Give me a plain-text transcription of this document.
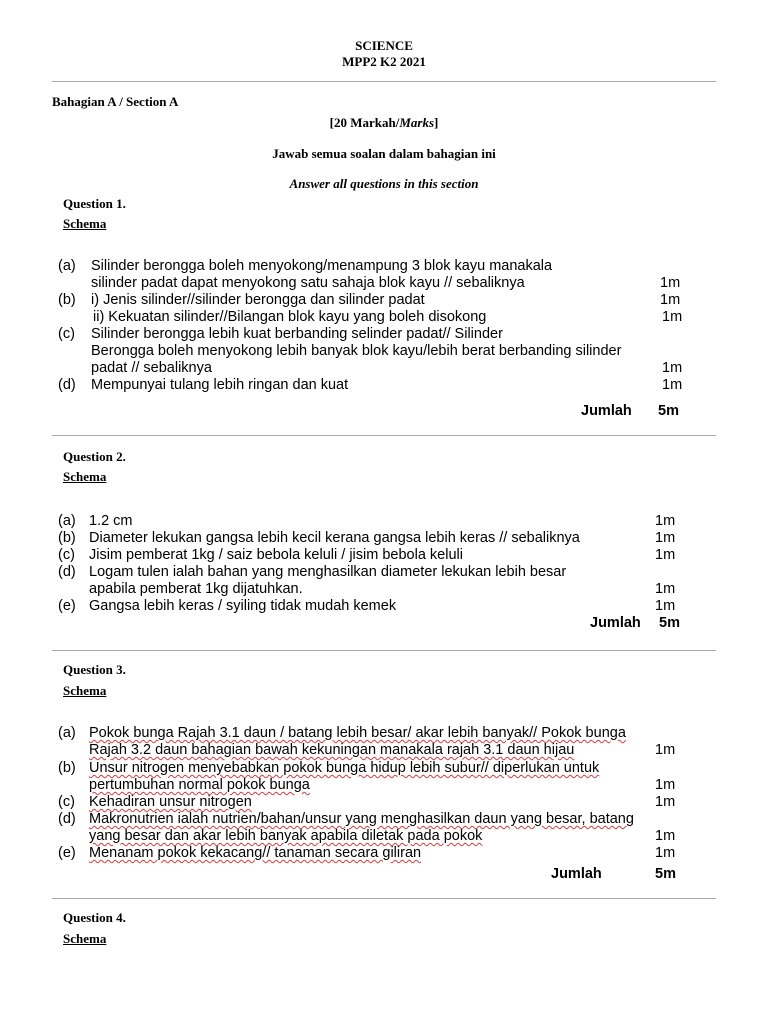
SCIENCE
MPP2 K2 2021
Bahagian A / Section A
[20 Markah/Marks]
Jawab semua soalan dalam bahagian ini
Answer all questions in this section
Question 1.
Schema
(a) Silinder berongga boleh menyokong/menampung 3 blok kayu manakala
silinder padat dapat menyokong satu sahaja blok kayu // sebaliknya	1m
(b) i) Jenis silinder//silinder berongga dan silinder padat	1m
ii) Kekuatan silinder//Bilangan blok kayu yang boleh disokong	1m
(c) Silinder berongga lebih kuat berbanding selinder padat// Silinder
Berongga boleh menyokong lebih banyak blok kayu/lebih berat berbanding silinder
padat // sebaliknya	1m
(d) Mempunyai tulang lebih ringan dan kuat	1m
Jumlah 5m
Question 2.
Schema
(a) 1.2 cm	1m
(b) Diameter lekukan gangsa lebih kecil kerana gangsa lebih keras // sebaliknya	1m
(c) Jisim pemberat 1kg / saiz bebola keluli / jisim bebola keluli	1m
(d) Logam tulen ialah bahan yang menghasilkan diameter lekukan lebih besar
apabila pemberat 1kg dijatuhkan.	1m
(e) Gangsa lebih keras / syiling tidak mudah kemek	1m
Jumlah 5m
Question 3.
Schema
(a) Pokok bunga Rajah 3.1 daun / batang lebih besar/ akar lebih banyak// Pokok bunga
Rajah 3.2 daun bahagian bawah kekuningan manakala rajah 3.1 daun hijau	1m
(b) Unsur nitrogen menyebabkan pokok bunga hidup lebih subur// diperlukan untuk
pertumbuhan normal pokok bunga	1m
(c) Kehadiran unsur nitrogen	1m
(d) Makronutrien ialah nutrien/bahan/unsur yang menghasilkan daun yang besar, batang
yang besar dan akar lebih banyak apabila diletak pada pokok	1m
(e) Menanam pokok kekacang// tanaman secara giliran	1m
Jumlah	5m
Question 4.
Schema
